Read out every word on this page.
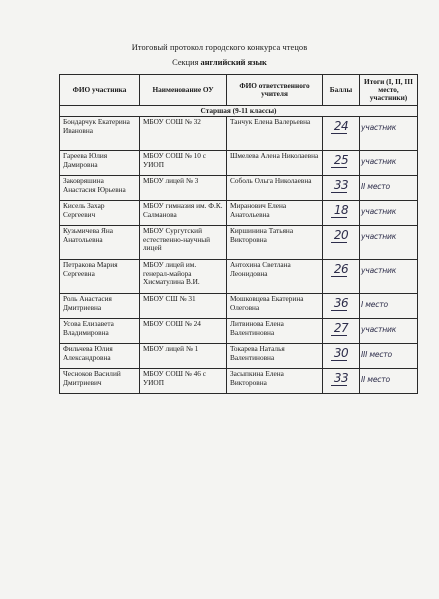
Итоговый протокол городского конкурса чтецов
Секция английский язык
ФИО участника	Наименование ОУ	ФИО ответственного учителя	Баллы	Итоги (I, II, III место, участники)
Старшая (9-11 классы)				
Бондарчук Екатерина Ивановна	МБОУ СОШ № 32	Танчук Елена Валерьевна	24	участник

Гареева Юлия Дамировна	МБОУ СОШ № 10 с УИОП	Шмелева Алена Николаевна	25	участник

Заковряшина Анастасия Юрьевна	МБОУ лицей № 3	Соболь Ольга Николаевна	33	II место

Кисель Захар Сергеевич	МБОУ гимназия им. Ф.К. Салманова	Миранович Елена Анатольевна	18	участник

Кузьмичева Яна Анатольевна	МБОУ Сургутский естественно-научный лицей	Киршинина Татьяна Викторовна	20	участник

Петракова Мария Сергеевна	МБОУ лицей им. генерал-майора Хисматулина В.И.	Антохина Светлана Леонидовна	26	участник

Роль Анастасия Дмитриевна	МБОУ СШ № 31	Мошковцева Екатерина Олеговна	36	I место

Усова Елизавета Владимировна	МБОУ СОШ № 24	Литвинова Елена Валентиновна	27	участник

Фильчева Юлия Александровна	МБОУ лицей № 1	Токарева Наталья Валентиновна	30	III место

Чесноков Василий Дмитриевич	МБОУ СОШ № 46 с УИОП	Засыпкина Елена Викторовна	33	II место
